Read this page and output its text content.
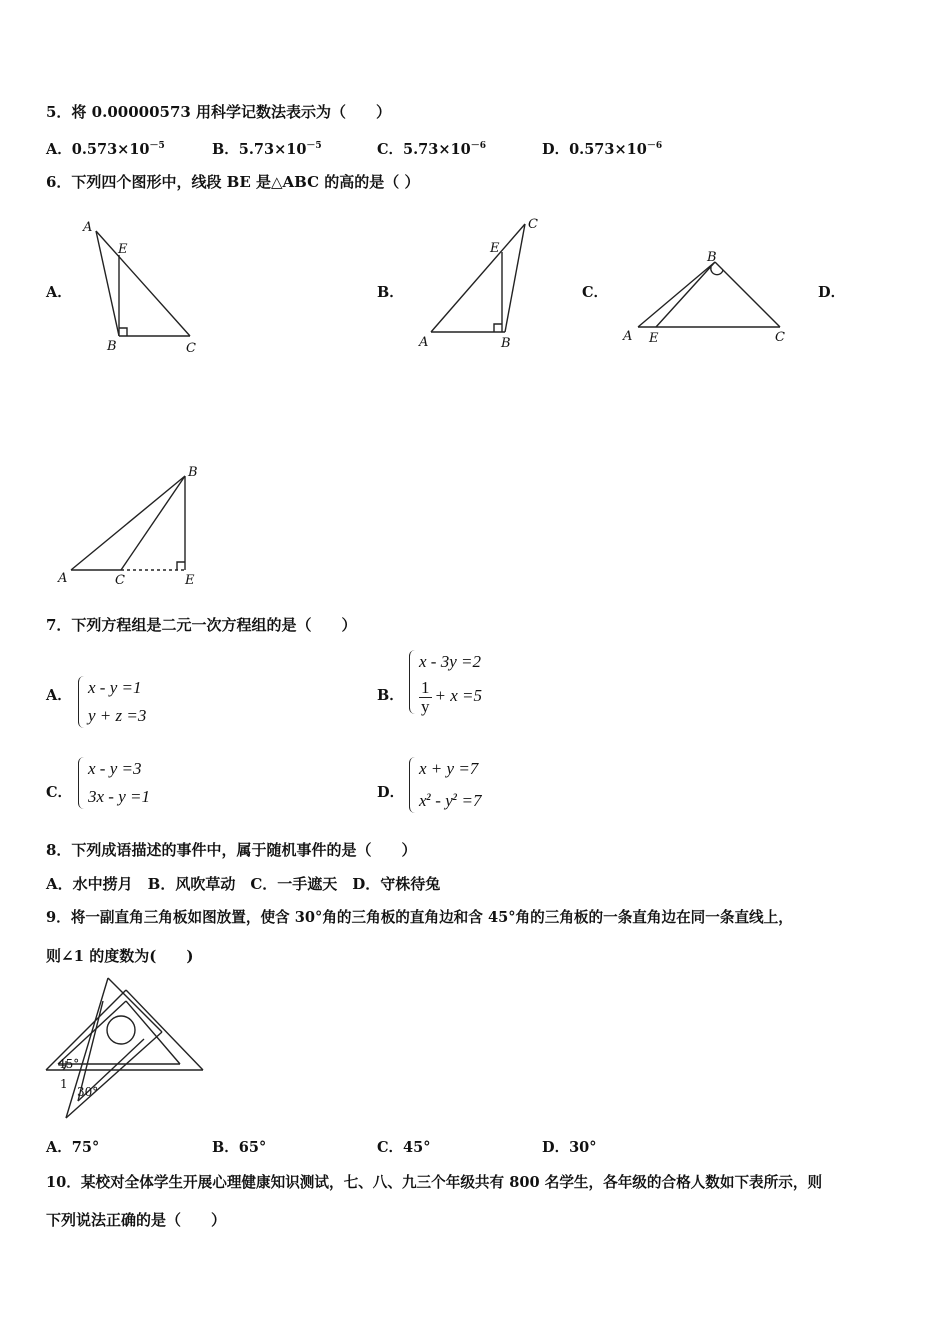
5．将 0.00000573 用科学记数法表示为（　　）
A．$0.573\times 10^{-5}$	B．$5.73\times 10^{-5}$	C．$5.73\times 10^{-6}$	D．$0.573\times 10^{-6}$
6．下列四个图形中，线段 BE 是△ABC 的高的是（ ）
A．	B．	C．	D．
A
E
B	C
C
E
A	B
B
A E	C
B
A	C	E
7．下列方程组是二元一次方程组的是（　　）
A． x - y =1
y + z =3
B．
x - 3y =2
$\frac{1}{y} + x =5$
C．
x - y =3
3x - y =1	D．
x + y =7
$x^2 - y^2 =7$
8．下列成语描述的事件中，属于随机事件的是（　　）
A．水中捞月　B．风吹草动　C．一手遮天　D．守株待兔
9．将一副直角三角板如图放置，使含 30°角的三角板的直角边和含 45°角的三角板的一条直角边在同一条直线上，
则∠1 的度数为(　　)
45°
1
30°
A．75°	B．65°	C．45°	D．30°
10．某校对全体学生开展心理健康知识测试，七、八、九三个年级共有 800 名学生，各年级的合格人数如下表所示，则
下列说法正确的是（　　）
